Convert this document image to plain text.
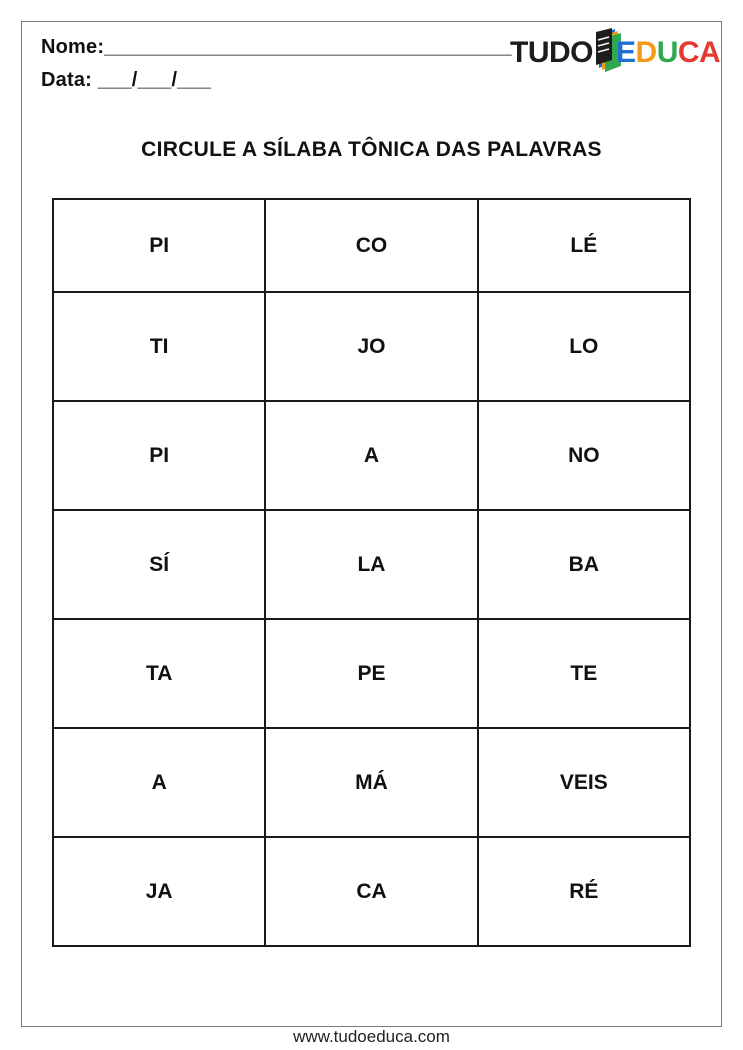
Nome:____________________________________
Data: ___/___/___
TUDO EDUCA
CIRCULE A SÍLABA TÔNICA DAS PALAVRAS
PI	CO	LÉ
TI	JO	LO
PI	A	NO
SÍ	LA	BA
TA	PE	TE
A	MÁ	VEIS
JA	CA	RÉ
www.tudoeduca.com
